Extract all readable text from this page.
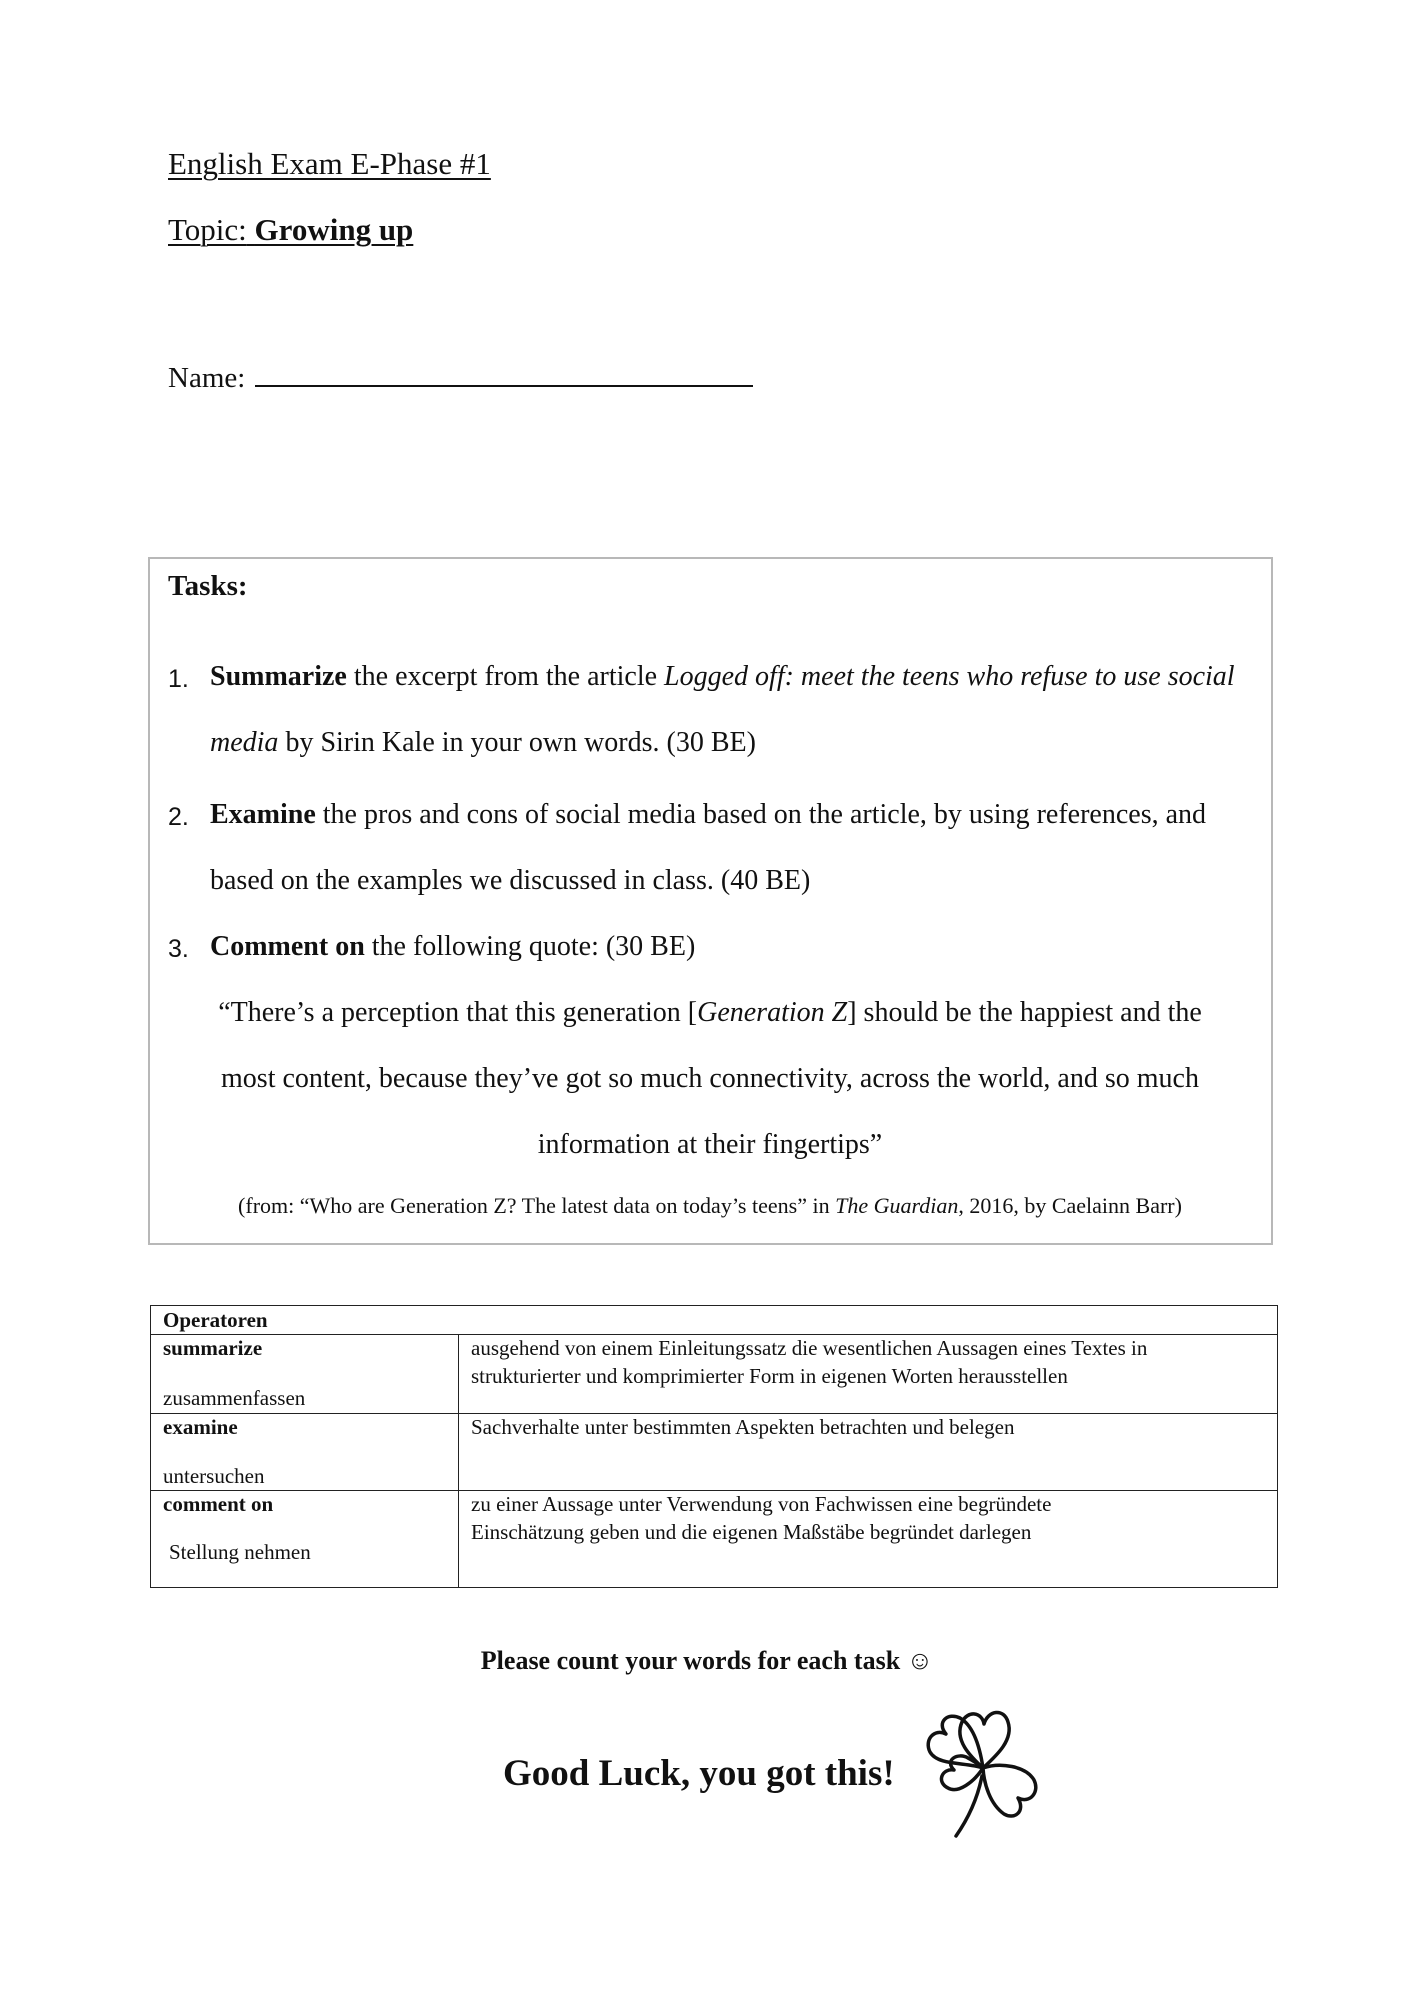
English Exam E-Phase #1
Topic: Growing up
Name:
Tasks:
1. Summarize the excerpt from the article Logged off: meet the teens who refuse to use social
media by Sirin Kale in your own words. (30 BE)
2. Examine the pros and cons of social media based on the article, by using references, and
based on the examples we discussed in class. (40 BE)
3. Comment on the following quote: (30 BE)
“There’s a perception that this generation [Generation Z] should be the happiest and the
most content, because they’ve got so much connectivity, across the world, and so much
information at their fingertips”
(from: “Who are Generation Z? The latest data on today’s teens” in The Guardian, 2016, by Caelainn Barr)
Operatoren
summarize
zusammenfassen
ausgehend von einem Einleitungssatz die wesentlichen Aussagen eines Textes in
strukturierter und komprimierter Form in eigenen Worten herausstellen
examine
untersuchen
Sachverhalte unter bestimmten Aspekten betrachten und belegen
comment on
Stellung nehmen
zu einer Aussage unter Verwendung von Fachwissen eine begründete
Einschätzung geben und die eigenen Maßstäbe begründet darlegen
Please count your words for each task ☺
Good Luck, you got this!
